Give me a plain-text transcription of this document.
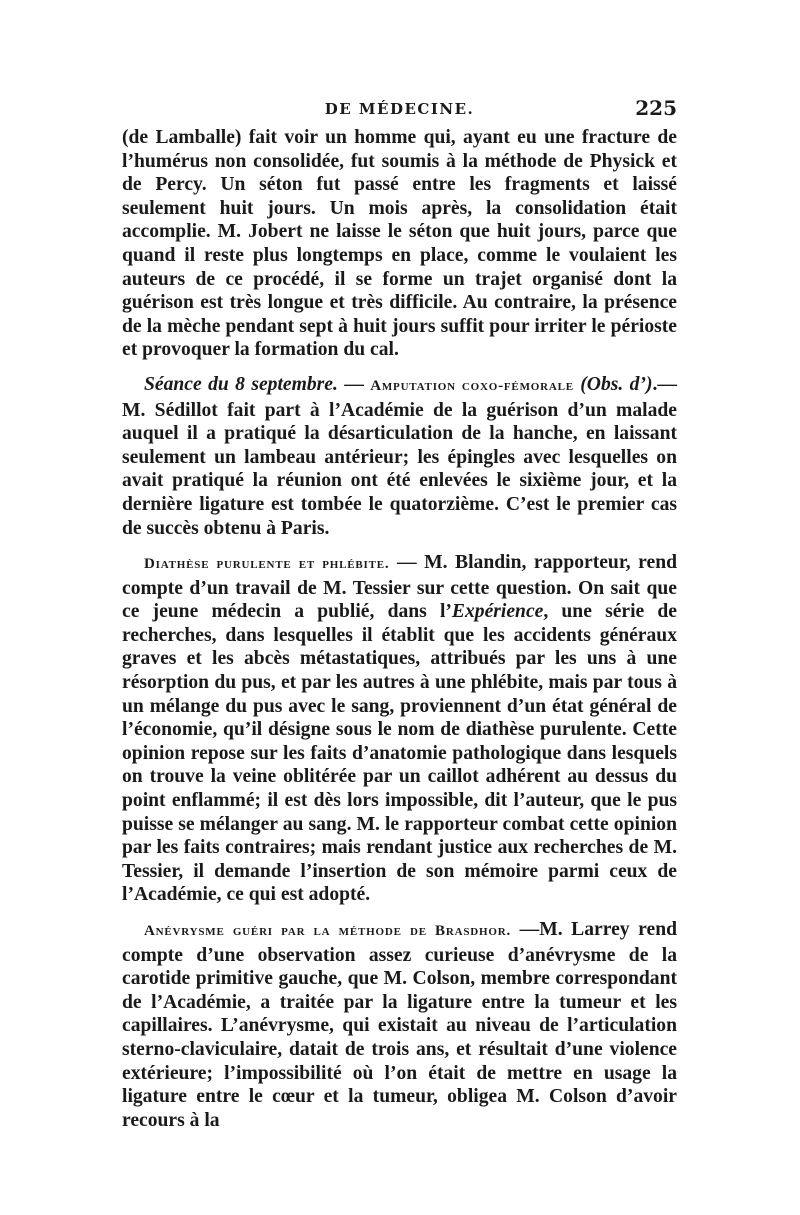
DE MÉDECINE.	225

(de Lamballe) fait voir un homme qui, ayant eu une fracture de l’humérus non consolidée, fut soumis à la méthode de Physick et de Percy. Un séton fut passé entre les fragments et laissé seulement huit jours. Un mois après, la consolidation était accomplie. M. Jobert ne laisse le séton que huit jours, parce que quand il reste plus longtemps en place, comme le voulaient les auteurs de ce procédé, il se forme un trajet organisé dont la guérison est très longue et très difficile. Au contraire, la présence de la mèche pendant sept à huit jours suffit pour irriter le périoste et provoquer la formation du cal.

Séance du 8 septembre. — Amputation coxo-fémorale (Obs. d’).—M. Sédillot fait part à l’Académie de la guérison d’un malade auquel il a pratiqué la désarticulation de la hanche, en laissant seulement un lambeau antérieur; les épingles avec lesquelles on avait pratiqué la réunion ont été enlevées le sixième jour, et la dernière ligature est tombée le quatorzième. C’est le premier cas de succès obtenu à Paris.

Diathèse purulente et phlébite. — M. Blandin, rapporteur, rend compte d’un travail de M. Tessier sur cette question. On sait que ce jeune médecin a publié, dans l’Expérience, une série de recherches, dans lesquelles il établit que les accidents généraux graves et les abcès métastatiques, attribués par les uns à une résorption du pus, et par les autres à une phlébite, mais par tous à un mélange du pus avec le sang, proviennent d’un état général de l’économie, qu’il désigne sous le nom de diathèse purulente. Cette opinion repose sur les faits d’anatomie pathologique dans lesquels on trouve la veine oblitérée par un caillot adhérent au dessus du point enflammé; il est dès lors impossible, dit l’auteur, que le pus puisse se mélanger au sang. M. le rapporteur combat cette opinion par les faits contraires; mais rendant justice aux recherches de M. Tessier, il demande l’insertion de son mémoire parmi ceux de l’Académie, ce qui est adopté.

Anévrysme guéri par la méthode de Brasdhor. —M. Larrey rend compte d’une observation assez curieuse d’anévrysme de la carotide primitive gauche, que M. Colson, membre correspondant de l’Académie, a traitée par la ligature entre la tumeur et les capillaires. L’anévrysme, qui existait au niveau de l’articulation sterno-claviculaire, datait de trois ans, et résultait d’une violence extérieure; l’impossibilité où l’on était de mettre en usage la ligature entre le cœur et la tumeur, obligea M. Colson d’avoir recours à la
